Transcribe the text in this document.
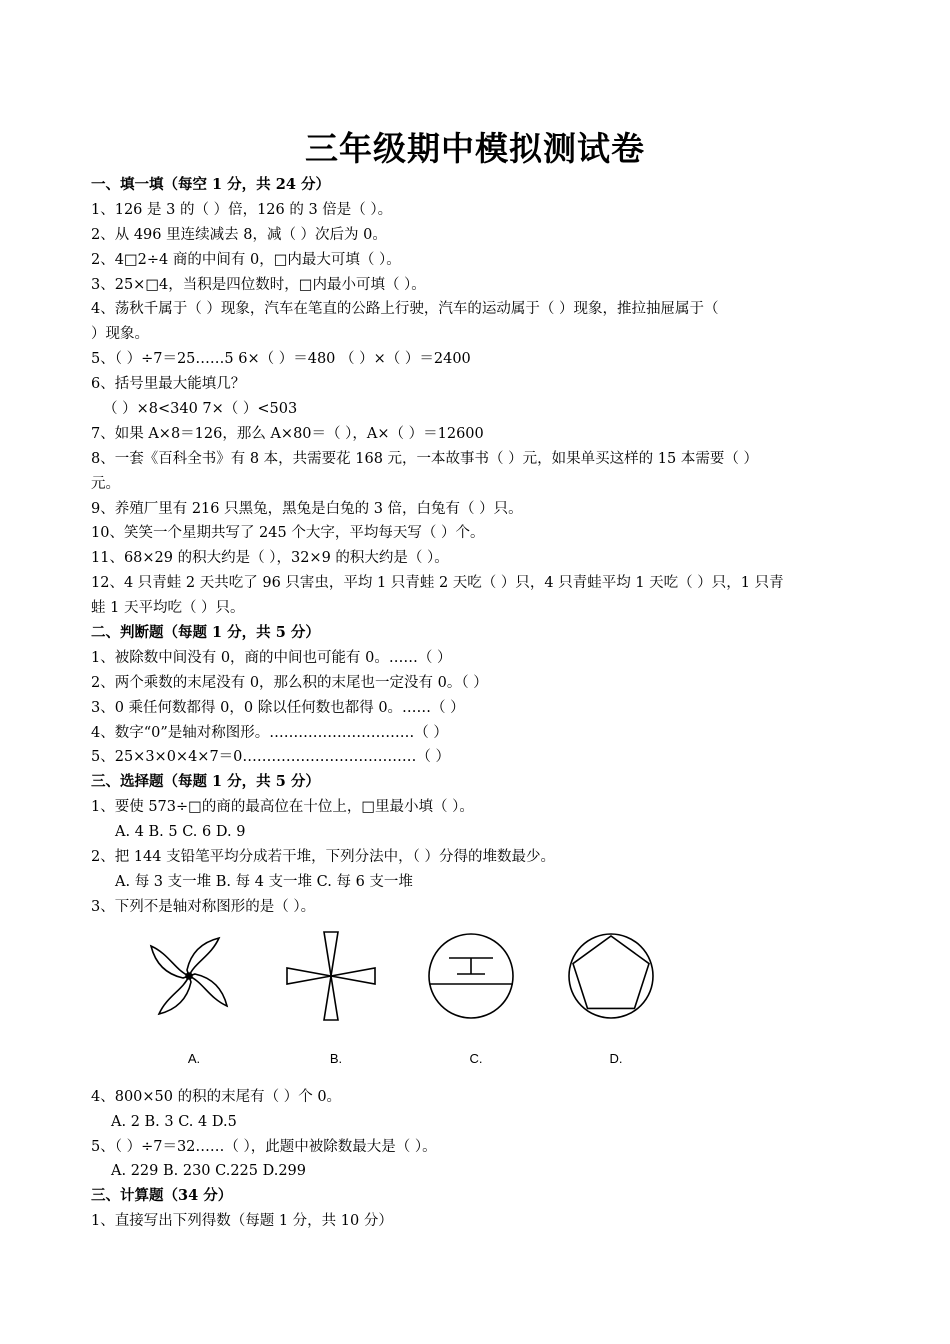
三年级期中模拟测试卷
一、填一填（每空 1 分，共 24 分）
1、126 是 3 的（ ）倍，126 的 3 倍是（ ）。
2、从 496 里连续减去 8，减（ ）次后为 0。
2、4□2÷4 商的中间有 0，□内最大可填（ ）。
3、25×□4，当积是四位数时，□内最小可填（ ）。
4、荡秋千属于（ ）现象，汽车在笔直的公路上行驶，汽车的运动属于（ ）现象，推拉抽屉属于（
）现象。
5、（ ）÷7＝25……5 6×（ ）＝480 （ ）×（ ）＝2400
6、括号里最大能填几？
（ ）×8<340 7×（ ）<503
7、如果 A×8＝126，那么 A×80＝（ ），A×（ ）＝12600
8、一套《百科全书》有 8 本，共需要花 168 元，一本故事书（ ）元，如果单买这样的 15 本需要（ ）
元。
9、养殖厂里有 216 只黑兔，黑兔是白兔的 3 倍，白兔有（ ）只。
10、笑笑一个星期共写了 245 个大字，平均每天写（ ）个。
11、68×29 的积大约是（ ），32×9 的积大约是（ ）。
12、4 只青蛙 2 天共吃了 96 只害虫，平均 1 只青蛙 2 天吃（ ）只，4 只青蛙平均 1 天吃（ ）只，1 只青
蛙 1 天平均吃（ ）只。
二、判断题（每题 1 分，共 5 分）
1、被除数中间没有 0，商的中间也可能有 0。……（ ）
2、两个乘数的末尾没有 0，那么积的末尾也一定没有 0。（ ）
3、0 乘任何数都得 0，0 除以任何数也都得 0。……（ ）
4、数字“0”是轴对称图形。…………………………（ ）
5、25×3×0×4×7＝0………………………………（ ）
三、选择题（每题 1 分，共 5 分）
1、要使 573÷□的商的最高位在十位上，□里最小填（ ）。
A. 4 B. 5 C. 6 D. 9
2、把 144 支铅笔平均分成若干堆，下列分法中，（ ）分得的堆数最少。
A. 每 3 支一堆 B. 每 4 支一堆 C. 每 6 支一堆
3、下列不是轴对称图形的是（ ）。
A.	B.	C.	D.
4、800×50 的积的末尾有（ ）个 0。
A. 2 B. 3 C. 4 D.5
5、（ ）÷7＝32……（ ），此题中被除数最大是（ ）。
A. 229 B. 230 C.225 D.299
三、计算题（34 分）
1、直接写出下列得数（每题 1 分，共 10 分）
